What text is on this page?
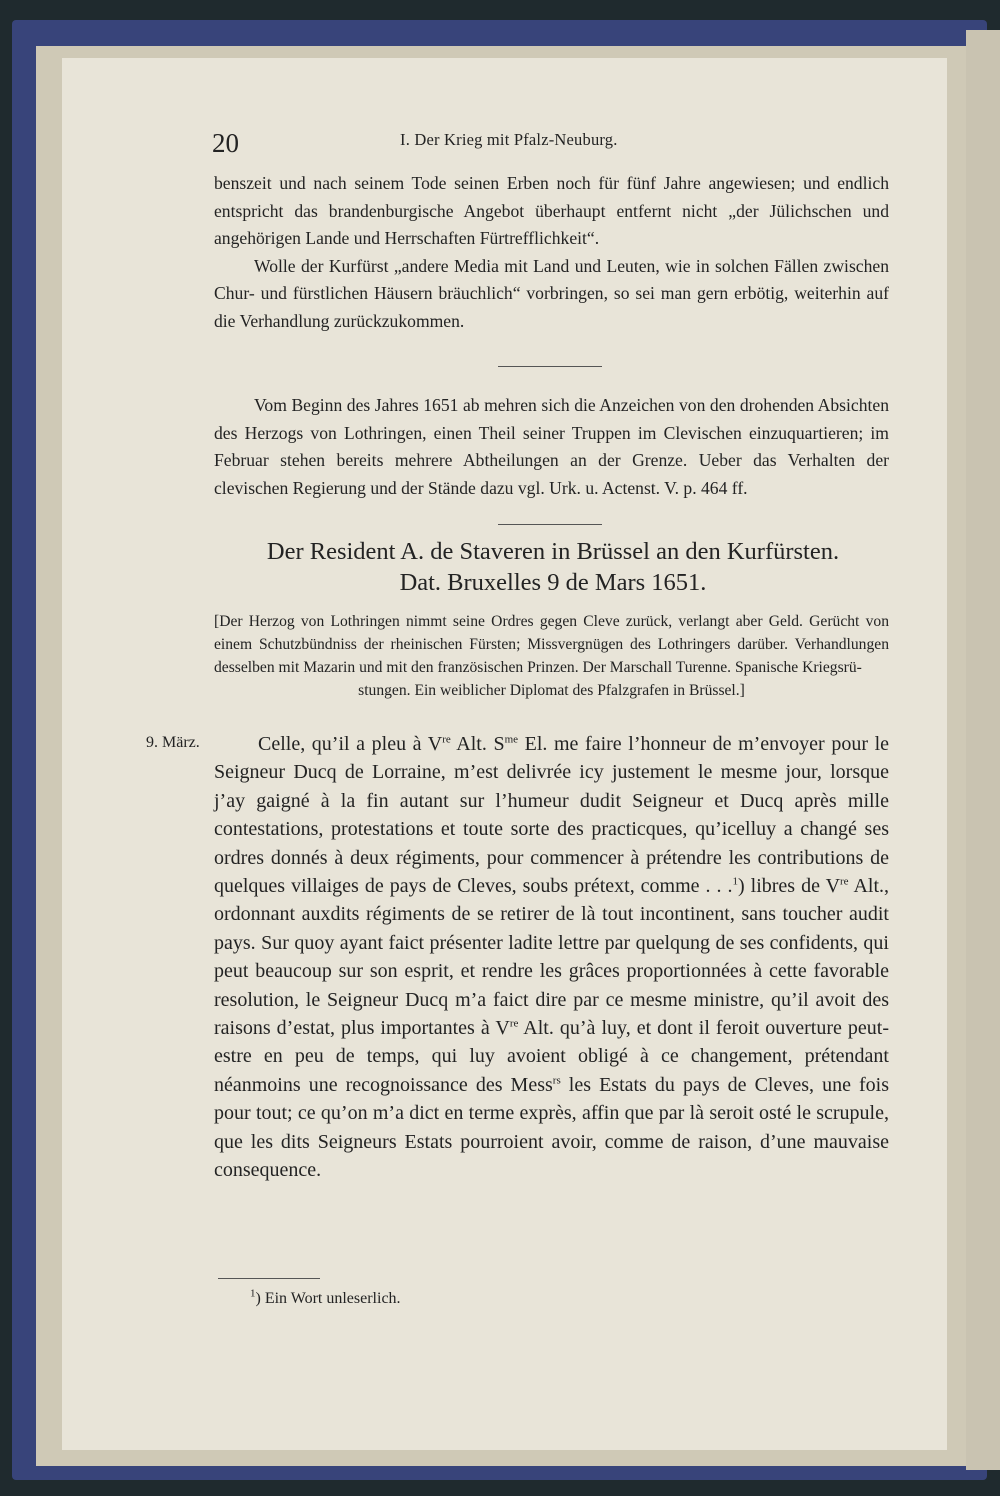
20	I. Der Krieg mit Pfalz-Neuburg.

benszeit und nach seinem Tode seinen Erben noch für fünf Jahre angewiesen; und endlich entspricht das brandenburgische Angebot überhaupt entfernt nicht „der Jülichschen und angehörigen Lande und Herrschaften Fürtrefflichkeit“.

Wolle der Kurfürst „andere Media mit Land und Leuten, wie in solchen Fällen zwischen Chur- und fürstlichen Häusern bräuchlich“ vorbringen, so sei man gern erbötig, weiterhin auf die Verhandlung zurückzukommen.

Vom Beginn des Jahres 1651 ab mehren sich die Anzeichen von den drohenden Absichten des Herzogs von Lothringen, einen Theil seiner Truppen im Clevischen einzuquartieren; im Februar stehen bereits mehrere Abtheilungen an der Grenze. Ueber das Verhalten der clevischen Regierung und der Stände dazu vgl. Urk. u. Actenst. V. p. 464 ff.

Der Resident A. de Staveren in Brüssel an den Kurfürsten.
Dat. Bruxelles 9 de Mars 1651.
[Der Herzog von Lothringen nimmt seine Ordres gegen Cleve zurück, verlangt aber Geld. Gerücht von einem Schutzbündniss der rheinischen Fürsten; Missvergnügen des Lothringers darüber. Verhandlungen desselben mit Mazarin und mit den französischen Prinzen. Der Marschall Turenne. Spanische Kriegsrü-
stungen. Ein weiblicher Diplomat des Pfalzgrafen in Brüssel.]
9. März.	Celle, qu’il a pleu à Vre Alt. $S^{me}$ El. me faire l’honneur de m’envoyer pour le Seigneur Ducq de Lorraine, m’est delivrée icy justement le mesme jour, lorsque j’ay gaigné à la fin autant sur l’humeur dudit Seigneur et Ducq après mille contestations, protestations et toute sorte des practicques, qu’icelluy a changé ses ordres donnés à deux régiments, pour commencer à prétendre les contributions de quelques villaiges de pays de Cleves, soubs prétext, comme . . .$^1$) libres de Vre Alt., ordonnant auxdits régiments de se retirer de là tout incontinent, sans toucher audit pays. Sur quoy ayant faict présenter ladite lettre par quelqung de ses confidents, qui peut beaucoup sur son esprit, et rendre les grâces proportionnées à cette favorable resolution, le Seigneur Ducq m’a faict dire par ce mesme ministre, qu’il avoit des raisons d’estat, plus importantes à Vre Alt. qu’à luy, et dont il feroit ouverture peut-estre en peu de temps, qui luy avoient obligé à ce changement, prétendant néanmoins une recognoissance des Mess$^{rs}$ les Estats du pays de Cleves, une fois pour tout; ce qu’on m’a dict en terme exprès, affin que par là seroit osté le scrupule, que les dits Seigneurs Estats pourroient avoir, comme de raison, d’une mauvaise consequence.
$^1$) Ein Wort unleserlich.
